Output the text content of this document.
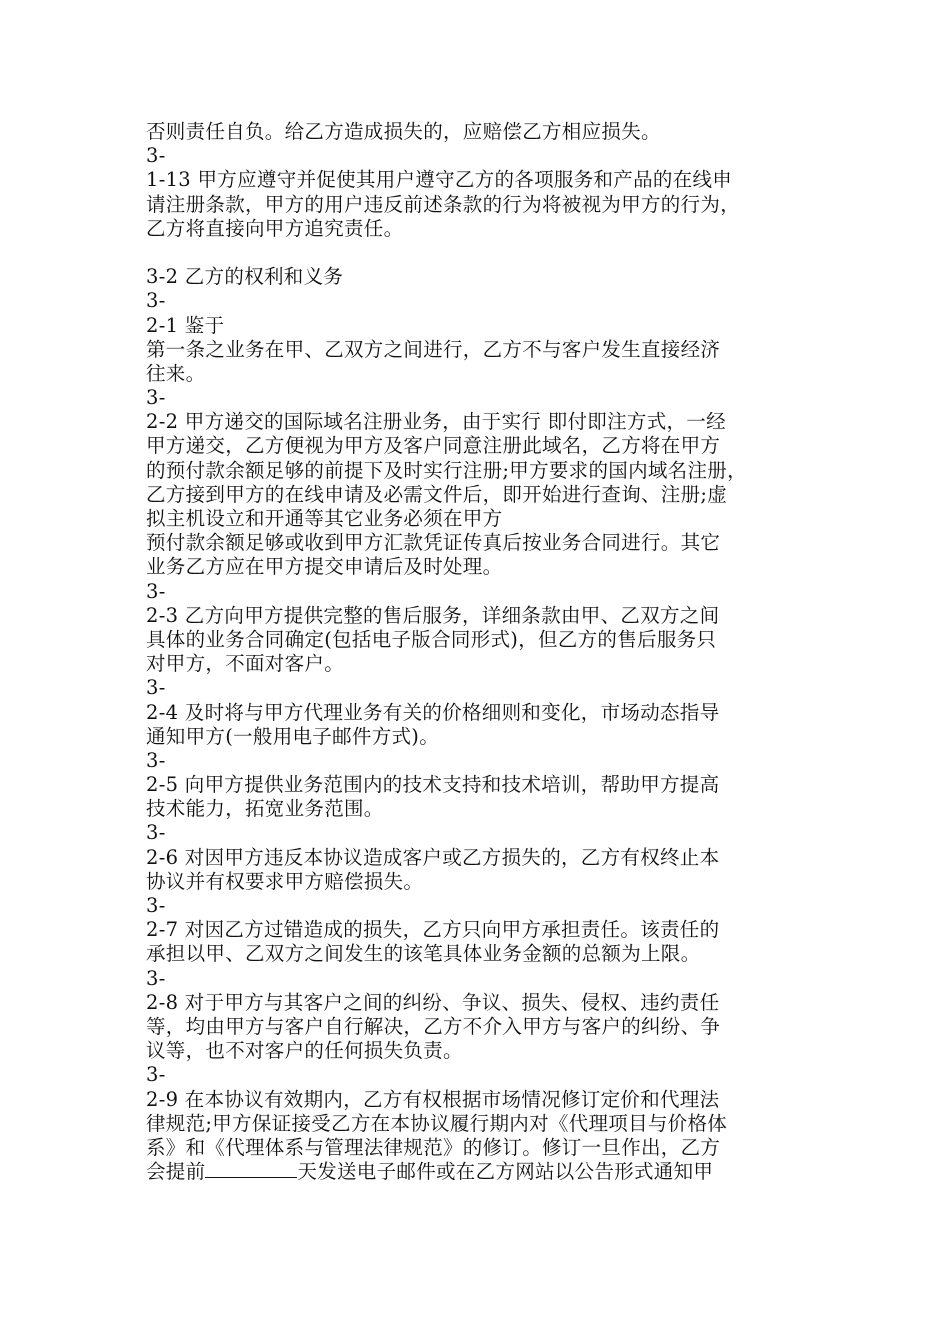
否则责任自负。给乙方造成损失的，应赔偿乙方相应损失。
3-
1-13 甲方应遵守并促使其用户遵守乙方的各项服务和产品的在线申
请注册条款，甲方的用户违反前述条款的行为将被视为甲方的行为，
乙方将直接向甲方追究责任。
3-2 乙方的权利和义务
3-
2-1 鉴于
第一条之业务在甲、乙双方之间进行，乙方不与客户发生直接经济
往来。
3-
2-2 甲方递交的国际域名注册业务，由于实行 即付即注方式，一经
甲方递交，乙方便视为甲方及客户同意注册此域名，乙方将在甲方
的预付款余额足够的前提下及时实行注册;甲方要求的国内域名注册，
乙方接到甲方的在线申请及必需文件后，即开始进行查询、注册;虚
拟主机设立和开通等其它业务必须在甲方
预付款余额足够或收到甲方汇款凭证传真后按业务合同进行。其它
业务乙方应在甲方提交申请后及时处理。
3-
2-3 乙方向甲方提供完整的售后服务，详细条款由甲、乙双方之间
具体的业务合同确定(包括电子版合同形式)，但乙方的售后服务只
对甲方，不面对客户。
3-
2-4 及时将与甲方代理业务有关的价格细则和变化，市场动态指导
通知甲方(一般用电子邮件方式)。
3-
2-5 向甲方提供业务范围内的技术支持和技术培训，帮助甲方提高
技术能力，拓宽业务范围。
3-
2-6 对因甲方违反本协议造成客户或乙方损失的，乙方有权终止本
协议并有权要求甲方赔偿损失。
3-
2-7 对因乙方过错造成的损失，乙方只向甲方承担责任。该责任的
承担以甲、乙双方之间发生的该笔具体业务金额的总额为上限。
3-
2-8 对于甲方与其客户之间的纠纷、争议、损失、侵权、违约责任
等，均由甲方与客户自行解决，乙方不介入甲方与客户的纠纷、争
议等，也不对客户的任何损失负责。
3-
2-9 在本协议有效期内，乙方有权根据市场情况修订定价和代理法
律规范;甲方保证接受乙方在本协议履行期内对《代理项目与价格体
系》和《代理体系与管理法律规范》的修订。修订一旦作出，乙方
会提前	天发送电子邮件或在乙方网站以公告形式通知甲
